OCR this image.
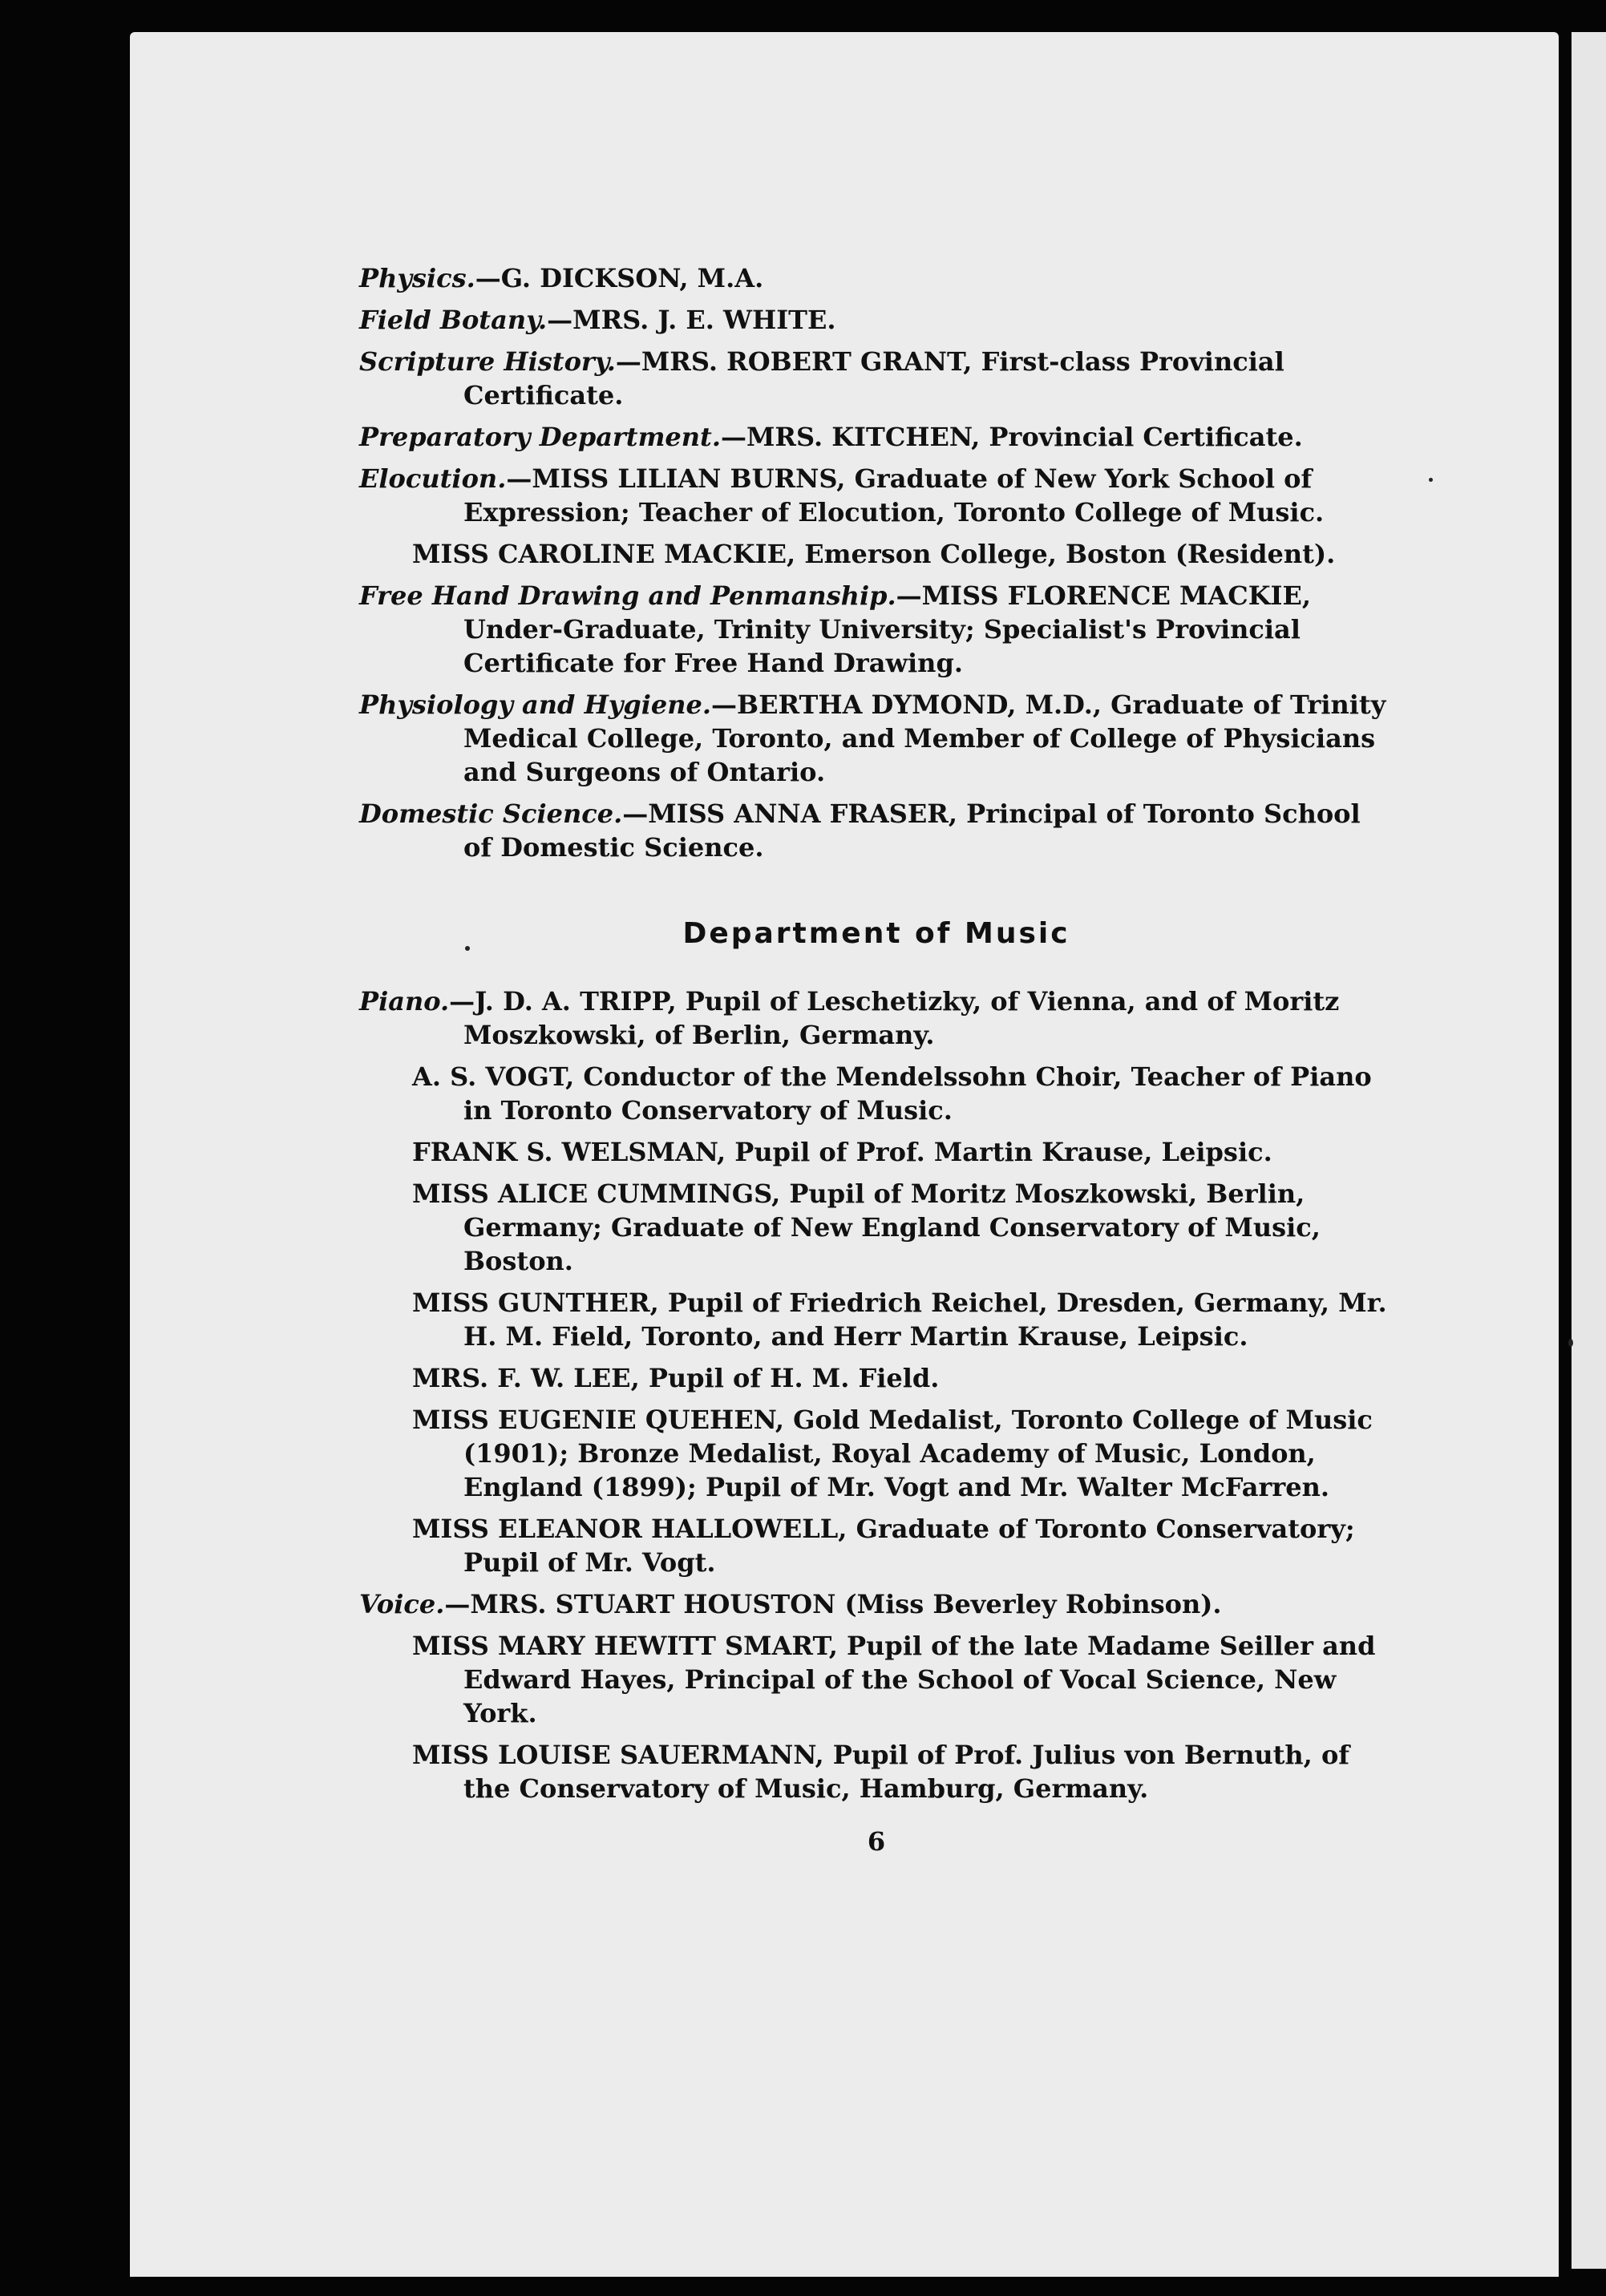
Physics.—G. DICKSON, M.A.

Field Botany.—MRS. J. E. WHITE.

Scripture History.—MRS. ROBERT GRANT, First-class Provincial Certificate.

Preparatory Department.—MRS. KITCHEN, Provincial Certificate.

Elocution.—MISS LILIAN BURNS, Graduate of New York School of Expression; Teacher of Elocution, Toronto College of Music.

MISS CAROLINE MACKIE, Emerson College, Boston (Resident).

Free Hand Drawing and Penmanship.—MISS FLORENCE MACKIE, Under-Graduate, Trinity University; Specialist's Provincial Certificate for Free Hand Drawing.

Physiology and Hygiene.—BERTHA DYMOND, M.D., Graduate of Trinity Medical College, Toronto, and Member of College of Physicians and Surgeons of Ontario.

Domestic Science.—MISS ANNA FRASER, Principal of Toronto School of Domestic Science.

Department of Music

Piano.—J. D. A. TRIPP, Pupil of Leschetizky, of Vienna, and of Moritz Moszkowski, of Berlin, Germany.

A. S. VOGT, Conductor of the Mendelssohn Choir, Teacher of Piano in Toronto Conservatory of Music.

FRANK S. WELSMAN, Pupil of Prof. Martin Krause, Leipsic.

MISS ALICE CUMMINGS, Pupil of Moritz Moszkowski, Berlin, Germany; Graduate of New England Conservatory of Music, Boston.

MISS GUNTHER, Pupil of Friedrich Reichel, Dresden, Germany, Mr. H. M. Field, Toronto, and Herr Martin Krause, Leipsic.

MRS. F. W. LEE, Pupil of H. M. Field.

MISS EUGENIE QUEHEN, Gold Medalist, Toronto College of Music (1901); Bronze Medalist, Royal Academy of Music, London, England (1899); Pupil of Mr. Vogt and Mr. Walter McFarren.

MISS ELEANOR HALLOWELL, Graduate of Toronto Conservatory; Pupil of Mr. Vogt.

Voice.—MRS. STUART HOUSTON (Miss Beverley Robinson).

MISS MARY HEWITT SMART, Pupil of the late Madame Seiller and Edward Hayes, Principal of the School of Vocal Science, New York.

MISS LOUISE SAUERMANN, Pupil of Prof. Julius von Bernuth, of the Conservatory of Music, Hamburg, Germany.

6
